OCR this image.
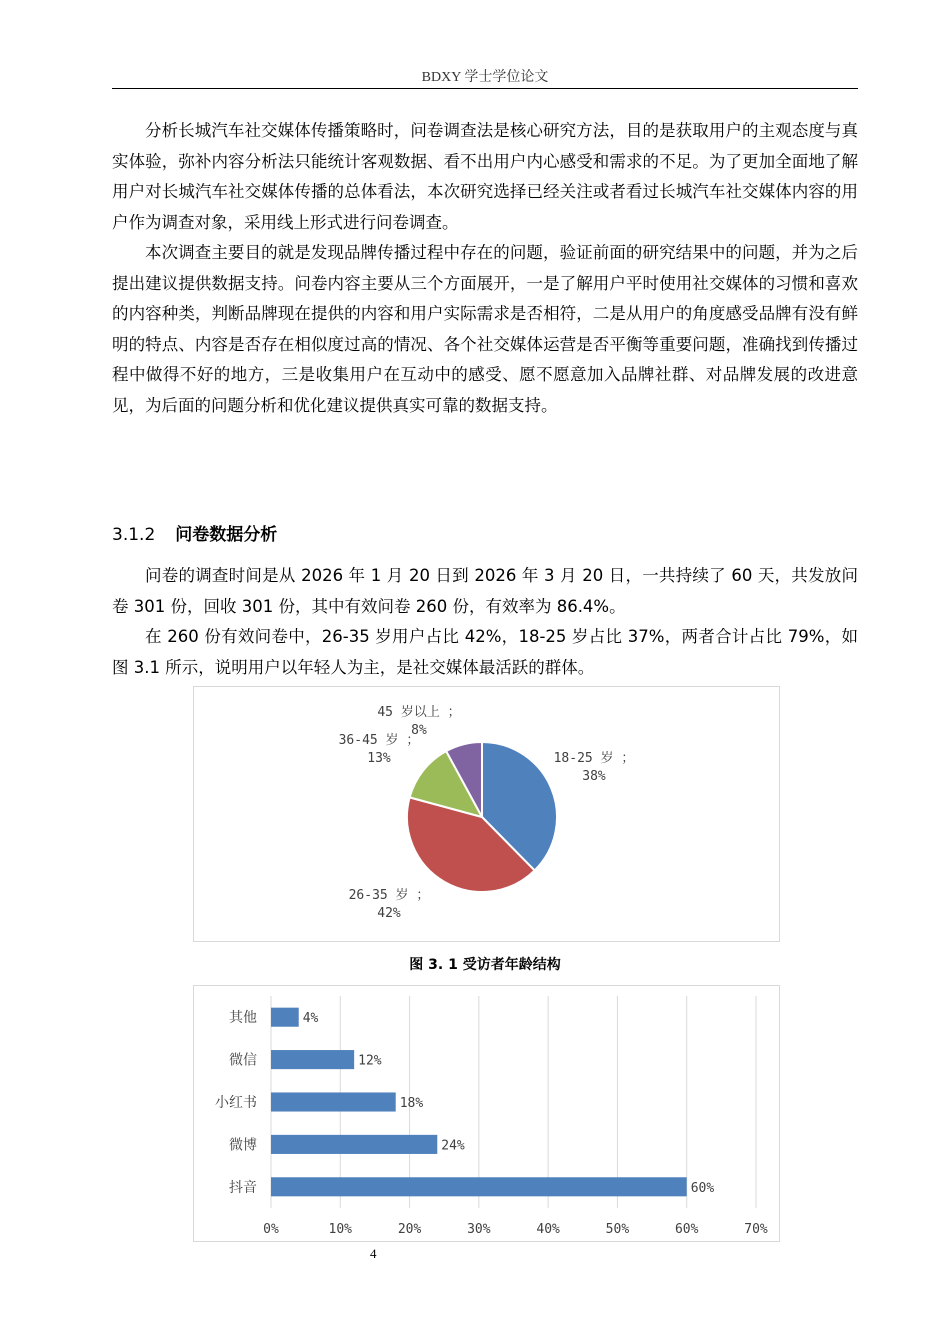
BDXY 学士学位论文

分析长城汽车社交媒体传播策略时，问卷调查法是核心研究方法，目的是获取用户的主观态度与真实体验，弥补内容分析法只能统计客观数据、看不出用户内心感受和需求的不足。为了更加全面地了解用户对长城汽车社交媒体传播的总体看法，本次研究选择已经关注或者看过长城汽车社交媒体内容的用户作为调查对象，采用线上形式进行问卷调查。

本次调查主要目的就是发现品牌传播过程中存在的问题，验证前面的研究结果中的问题，并为之后提出建议提供数据支持。问卷内容主要从三个方面展开，一是了解用户平时使用社交媒体的习惯和喜欢的内容种类，判断品牌现在提供的内容和用户实际需求是否相符，二是从用户的角度感受品牌有没有鲜明的特点、内容是否存在相似度过高的情况、各个社交媒体运营是否平衡等重要问题，准确找到传播过程中做得不好的地方，三是收集用户在互动中的感受、愿不愿意加入品牌社群、对品牌发展的改进意见，为后面的问题分析和优化建议提供真实可靠的数据支持。

3.1.2 问卷数据分析

问卷的调查时间是从 2026 年 1 月 20 日到 2026 年 3 月 20 日，一共持续了 60 天，共发放问卷 301 份，回收 301 份，其中有效问卷 260 份，有效率为 86.4%。

在 260 份有效问卷中，26-35 岁用户占比 42%，18-25 岁占比 37%，两者合计占比 79%，如图 3.1 所示，说明用户以年轻人为主，是社交媒体最活跃的群体。

18-25 岁 ；
38%
26-35 岁 ；
42%
36-45 岁 ；
13%
45 岁以上 ；
8%
图 3. 1 受访者年龄结构
0%	10%	20%	30%	40%	50%	60%	70%
其他	4%
微信	12%
小红书	18%
微博	24%
抖音	60%
4
